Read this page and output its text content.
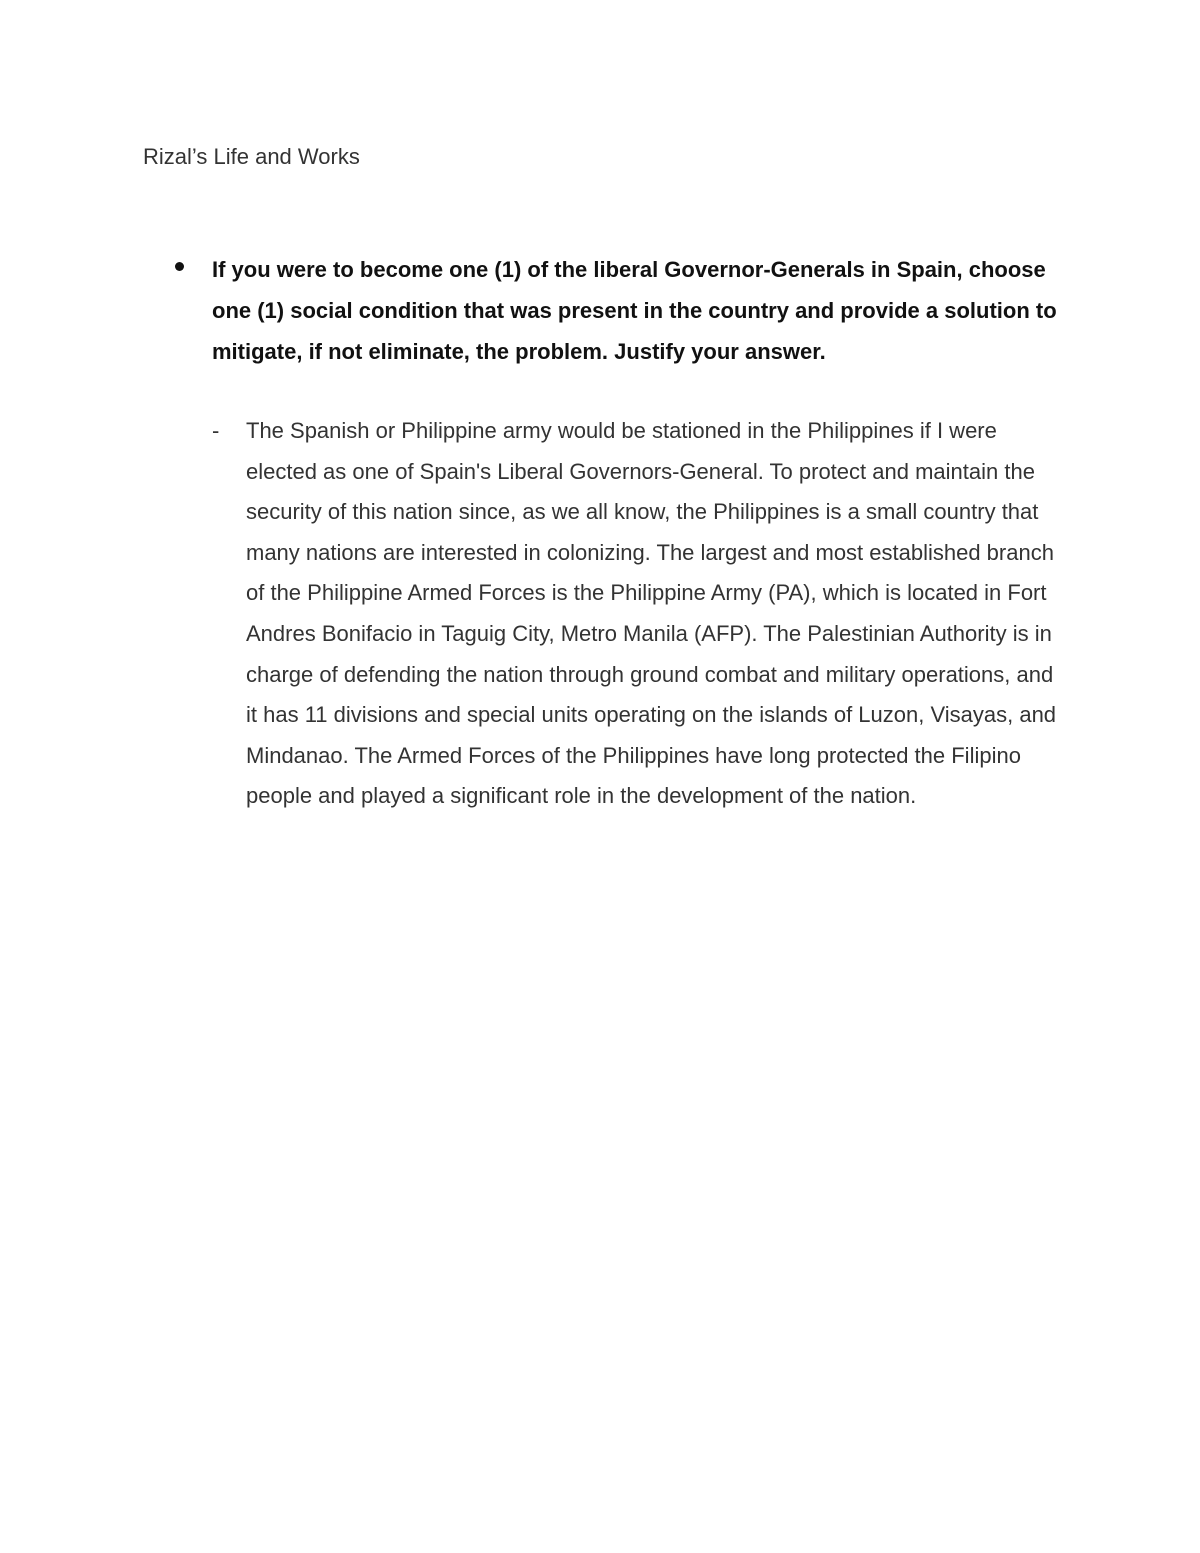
Rizal’s Life and Works
If you were to become one (1) of the liberal Governor-Generals in Spain, choose one (1) social condition that was present in the country and provide a solution to mitigate, if not eliminate, the problem. Justify your answer.
- The Spanish or Philippine army would be stationed in the Philippines if I were elected as one of Spain's Liberal Governors-General. To protect and maintain the security of this nation since, as we all know, the Philippines is a small country that many nations are interested in colonizing. The largest and most established branch of the Philippine Armed Forces is the Philippine Army (PA), which is located in Fort Andres Bonifacio in Taguig City, Metro Manila (AFP). The Palestinian Authority is in charge of defending the nation through ground combat and military operations, and it has 11 divisions and special units operating on the islands of Luzon, Visayas, and Mindanao. The Armed Forces of the Philippines have long protected the Filipino people and played a significant role in the development of the nation.
